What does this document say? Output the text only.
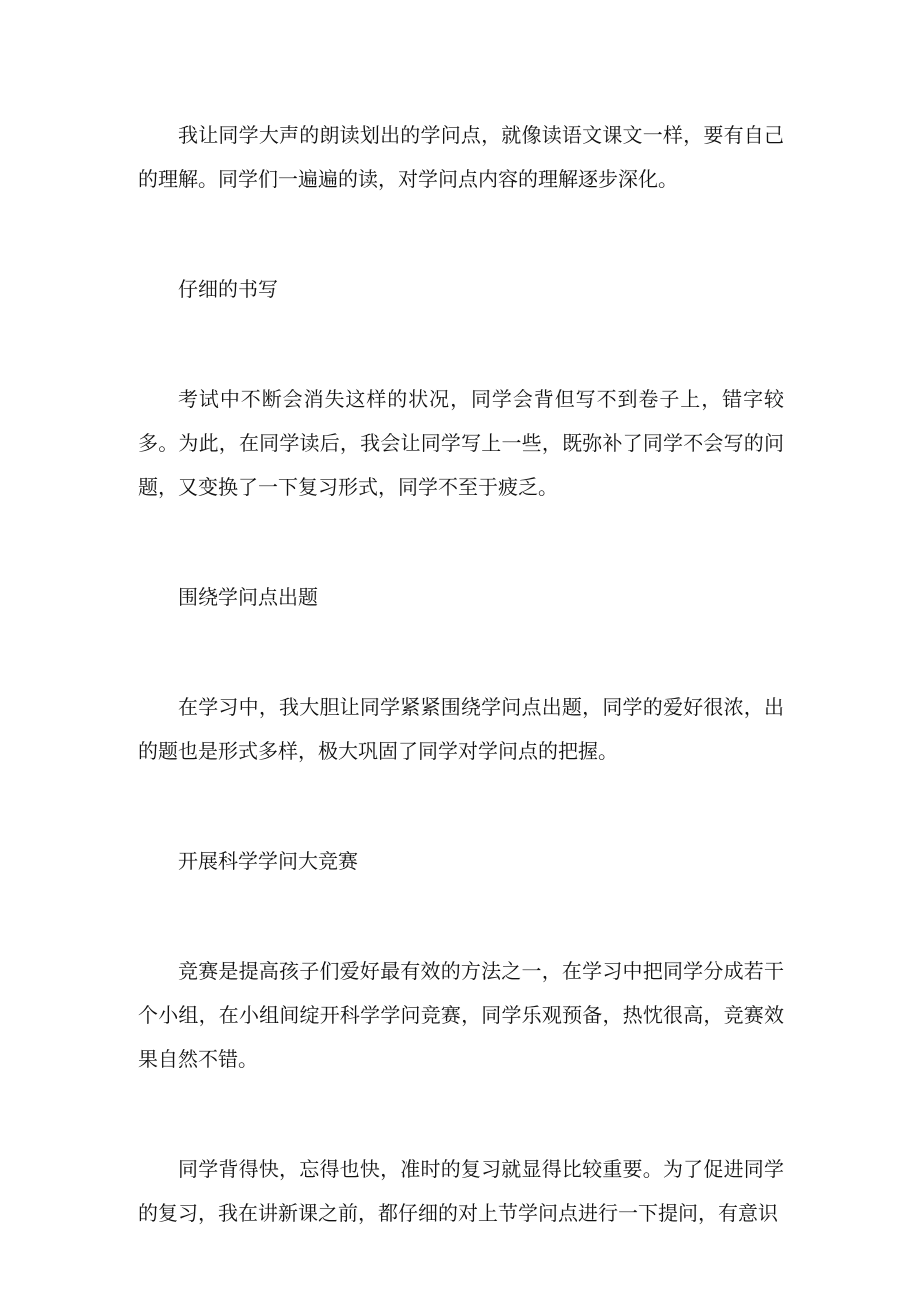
我让同学大声的朗读划出的学问点，就像读语文课文一样，要有自己的理解。同学们一遍遍的读，对学问点内容的理解逐步深化。

仔细的书写

考试中不断会消失这样的状况，同学会背但写不到卷子上，错字较多。为此，在同学读后，我会让同学写上一些，既弥补了同学不会写的问题，又变换了一下复习形式，同学不至于疲乏。

围绕学问点出题

在学习中，我大胆让同学紧紧围绕学问点出题，同学的爱好很浓，出的题也是形式多样，极大巩固了同学对学问点的把握。

开展科学学问大竞赛

竞赛是提高孩子们爱好最有效的方法之一，在学习中把同学分成若干个小组，在小组间绽开科学学问竞赛，同学乐观预备，热忱很高，竞赛效果自然不错。

同学背得快，忘得也快，准时的复习就显得比较重要。为了促进同学的复习，我在讲新课之前，都仔细的对上节学问点进行一下提问，有意识
